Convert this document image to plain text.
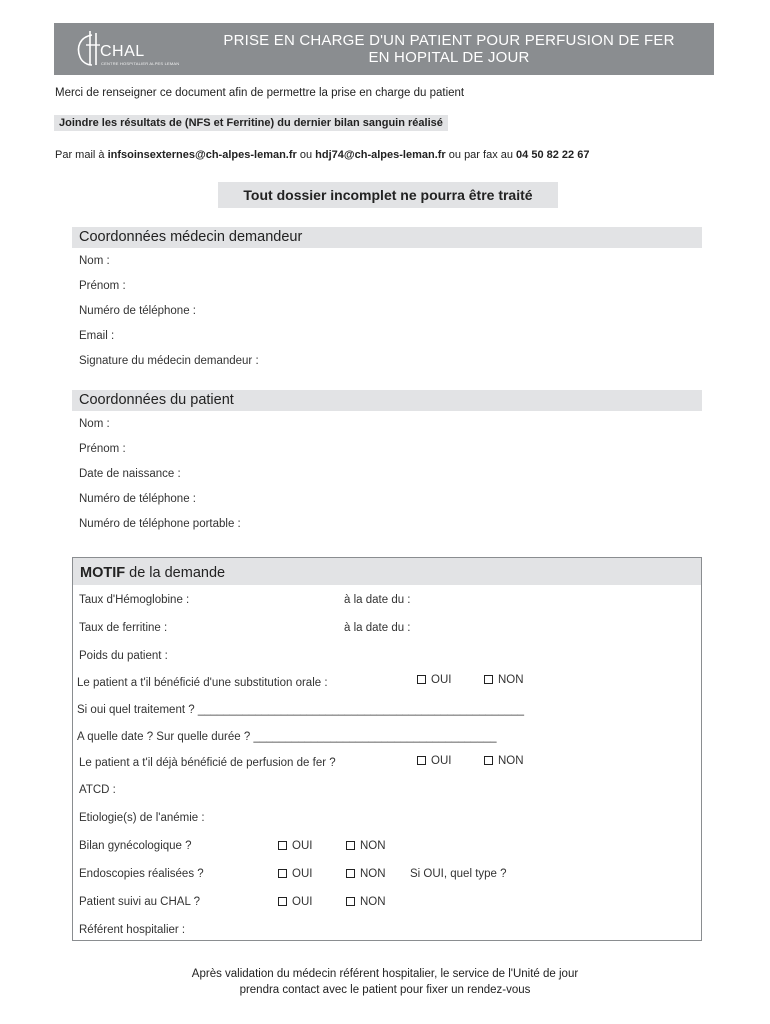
CHAL
CENTRE HOSPITALIER ALPES LEMAN
PRISE EN CHARGE D'UN PATIENT POUR PERFUSION DE FER
EN HOPITAL DE JOUR
Merci de renseigner ce document afin de permettre la prise en charge du patient
Joindre les résultats de (NFS et Ferritine) du dernier bilan sanguin réalisé
Par mail à infsoinsexternes@ch-alpes-leman.fr ou hdj74@ch-alpes-leman.fr ou par fax au 04 50 82 22 67
Tout dossier incomplet ne pourra être traité
Coordonnées médecin demandeur
Nom :
Prénom :
Numéro de téléphone :
Email :
Signature du médecin demandeur :
Coordonnées du patient
Nom :
Prénom :
Date de naissance :
Numéro de téléphone :
Numéro de téléphone portable :
MOTIF de la demande
Taux d'Hémoglobine :	à la date du :
Taux de ferritine :	à la date du :
Poids du patient :
Le patient a t'il bénéficié d'une substitution orale :	OUI	NON
Si oui quel traitement ? ___________________________________________________
A quelle date ? Sur quelle durée ? ______________________________________
Le patient a t'il déjà bénéficié de perfusion de fer ?	OUI	NON
ATCD :
Etiologie(s) de l'anémie :
Bilan gynécologique ?	OUI	NON
Endoscopies réalisées ?	OUI	NON Si OUI, quel type ?
Patient suivi au CHAL ?	OUI	NON
Référent hospitalier :
Après validation du médecin référent hospitalier, le service de l'Unité de jour
prendra contact avec le patient pour fixer un rendez-vous
